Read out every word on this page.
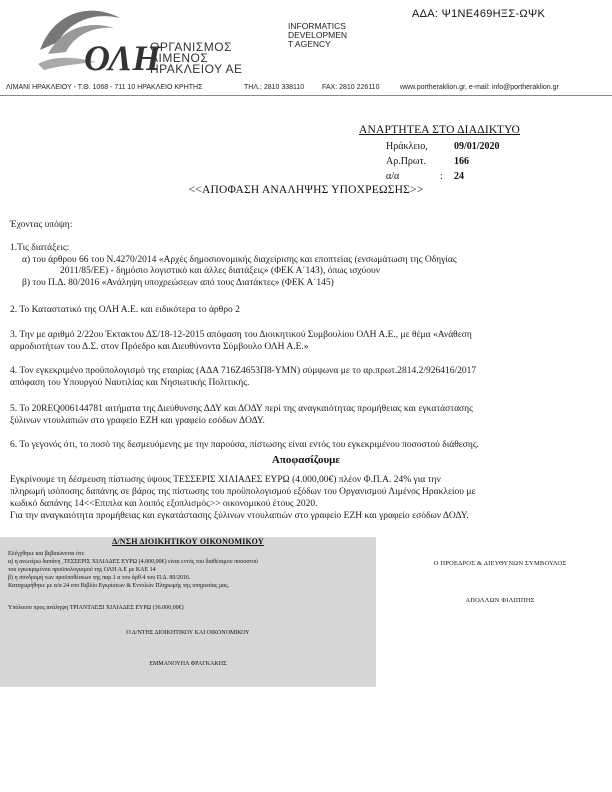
ΑΔΑ: Ψ1ΝΕ469ΗΞΣ-ΩΨΚ
ΟΛΗ
ΟΡΓΑΝΙΣΜΟΣ
ΛΙΜΕΝΟΣ
ΗΡΑΚΛΕΙΟΥ ΑΕ
INFORMATICS
DEVELOPMEN
T AGENCY
ΛΙΜΑΝΙ ΗΡΑΚΛΕΙΟΥ - Τ.Θ. 1068 - 711 10 ΗΡΑΚΛΕΙΟ ΚΡΗΤΗΣ	ΤΗΛ.: 2810 338110	FAX: 2810 226110	www.portheraklion.gr, e-mail: info@portheraklion.gr
ΑΝΑΡΤΗΤΕΑ ΣΤΟ ΔΙΑΔΙΚΤΥΟ
Ηράκλειο,	09/01/2020
Αρ.Πρωτ.	166
α/α	: 24
<<ΑΠΟΦΑΣΗ ΑΝΑΛΗΨΗΣ ΥΠΟΧΡΕΩΣΗΣ>>
Έχοντας υπόψη:
1.Τις διατάξεις:
α) του άρθρου 66 του Ν.4270/2014 «Αρχές δημοσιονομικής διαχείρισης και εποπτείας (ενσωμάτωση της Οδηγίας
2011/85/ΕΕ) - δημόσιο λογιστικό και άλλες διατάξεις» (ΦΕΚ Α΄143), όπως ισχύουν
β) του Π.Δ. 80/2016 «Ανάληψη υποχρεώσεων από τους Διατάκτες» (ΦΕΚ Α΄145)
2. Το Καταστατικό της ΟΛΗ Α.Ε. και ειδικότερα το άρθρο 2
3. Την με αριθμό 2/22ου Έκτακτου ΔΣ/18-12-2015 απόφαση του Διοικητικού Συμβουλίου ΟΛΗ Α.Ε., με θέμα «Ανάθεση
αρμοδιοτήτων του Δ.Σ. στον Πρόεδρο και Διευθύνοντα Σύμβουλο ΟΛΗ Α.Ε.»
4. Τον εγκεκριμένο προϋπολογισμό της εταιρίας (ΑΔΑ 716Ζ4653Π8-ΥΜΝ) σύμφωνα με το αρ.πρωτ.2814.2/926416/2017
απόφαση του Υπουργού Ναυτιλίας και Νησιωτικής Πολιτικής.
5. Το 20REQ006144781 αιτήματα της Διεύθυνσης ΔΔΥ και ΔΟΔΥ περί της αναγκαιότητας προμήθειας και εγκατάστασης
ξύλινων ντουλαπιών στο γραφείο ΕΖΗ και γραφείο εσόδων ΔΟΔΥ.
6. Το γεγονός ότι, το ποσό της δεσμευόμενης με την παρούσα, πίστωσης είναι εντός του εγκεκριμένου ποσοστού διάθεσης.
Αποφασίζουμε
Εγκρίνουμε τη δέσμευση πίστωσης ύψους ΤΕΣΣΕΡΙΣ ΧΙΛΙΑΔΕΣ ΕΥΡΩ (4.000,00€) πλέον Φ.Π.Α. 24% για την
πληρωμή ισόποσης δαπάνης σε βάρος της πίστωσης του προϋπολογισμού εξόδων του Οργανισμού Λιμένος Ηρακλείου με
κωδικό δαπάνης 14<<Επιπλα και λοιπός εξοπλισμός>> οικονομικού έτους 2020.
Για την αναγκαιότητα προμήθειας και εγκατάστασης ξύλινων ντουλαπιών στο γραφείο ΕΖΗ και γραφείο εσόδων ΔΟΔΥ.
Δ/ΝΣΗ ΔΙΟΙΚΗΤΙΚΟΥ ΟΙΚΟΝΟΜΙΚΟΥ
Ελέγχθηκε και βεβαιώνεται ότι:
α) η ανωτέρω δαπάνη ,ΤΕΣΣΕΡΙΣ ΧΙΛΙΑΔΕΣ ΕΥΡΩ (4.000,00€) είναι εντός του διαθέσιμου ποσοστού
του εγκεκριμένου προϋπολογισμού της ΟΛΗ Α.Ε με ΚΑΕ 14
β) η συνδρομή των προϋποθέσεων της παρ.1 α του άρθ.4 του Π.Δ. 80/2016.
Καταχωρήθηκε με α/α 24 στο Βιβλίο Εγκρίσεων & Εντολών Πληρωμής της υπηρεσίας μας.
Υπόλοιπο προς ανάληψη ΤΡΙΑΝΤΑΕΞΙ ΧΙΛΙΑΔΕΣ ΕΥΡΩ (36.000,00€)
Ο Δ/ΝΤΗΣ ΔΙΟΙΚΗΤΙΚΟΥ ΚΑΙ ΟΙΚΟΝΟΜΙΚΟΥ
ΕΜΜΑΝΟΥΗΛ ΦΡΑΓΚΑΚΗΣ
Ο ΠΡΟΕΔΡΟΣ & ΔΙΕΥΘΥΝΩΝ ΣΥΜΒΟΥΛΟΣ
ΑΠΟΛΛΩΝ ΦΙΛΙΠΠΗΣ
